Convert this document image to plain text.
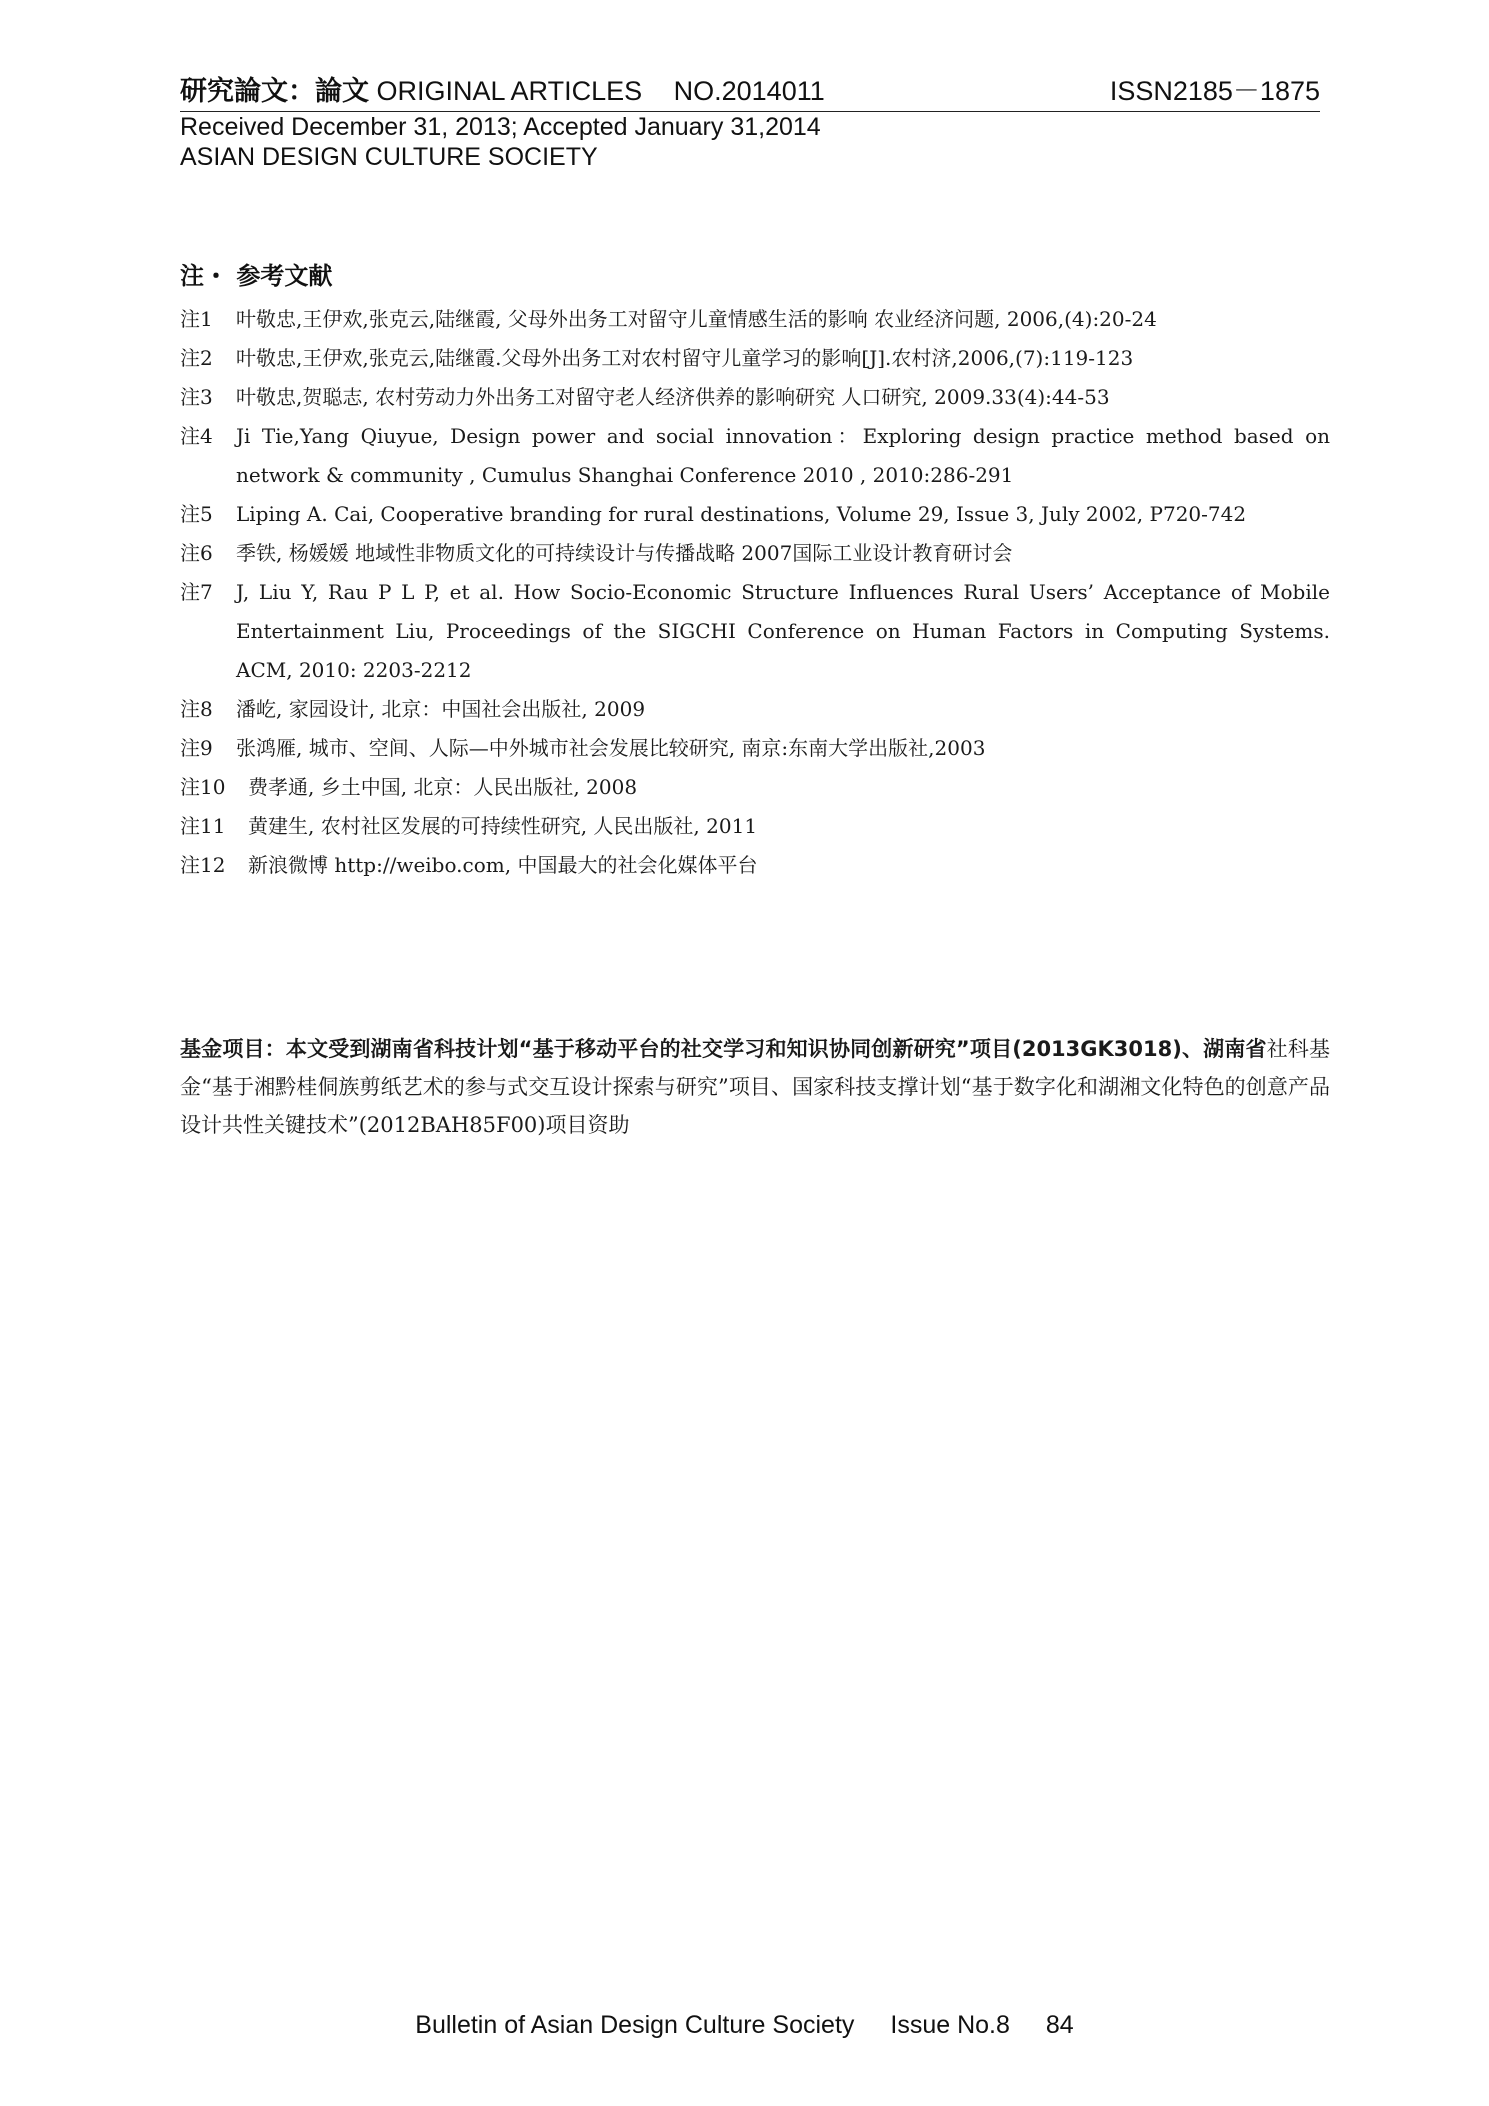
研究論文：論文 ORIGINAL ARTICLES NO.2014011	ISSN2185－1875
Received December 31, 2013; Accepted January 31,2014
ASIAN DESIGN CULTURE SOCIETY
注・ 参考文献
注1	叶敬忠,王伊欢,张克云,陆继霞, 父母外出务工对留守儿童情感生活的影响 农业经济问题, 2006,(4):20-24
注2	叶敬忠,王伊欢,张克云,陆继霞.父母外出务工对农村留守儿童学习的影响[J].农村济,2006,(7):119-123
注3	叶敬忠,贺聪志, 农村劳动力外出务工对留守老人经济供养的影响研究 人口研究, 2009.33(4):44-53
注4	Ji Tie,Yang Qiuyue, Design power and social innovation：Exploring design practice method based on network & community , Cumulus Shanghai Conference 2010 , 2010:286-291
注5	Liping A. Cai, Cooperative branding for rural destinations, Volume 29, Issue 3, July 2002, P720-742
注6	季铁, 杨媛媛 地域性非物质文化的可持续设计与传播战略 2007国际工业设计教育研讨会
注7	J, Liu Y, Rau P L P, et al. How Socio-Economic Structure Influences Rural Users’ Acceptance of Mobile Entertainment Liu, Proceedings of the SIGCHI Conference on Human Factors in Computing Systems. ACM, 2010: 2203-2212
注8	潘屹, 家园设计, 北京：中国社会出版社, 2009
注9	张鸿雁, 城市、空间、人际—中外城市社会发展比较研究, 南京:东南大学出版社,2003
注10	费孝通, 乡土中国, 北京：人民出版社, 2008
注11	黄建生, 农村社区发展的可持续性研究, 人民出版社, 2011
注12	新浪微博 http://weibo.com, 中国最大的社会化媒体平台
基金项目：本文受到湖南省科技计划“基于移动平台的社交学习和知识协同创新研究”项目(2013GK3018)、湖南省社科基金“基于湘黔桂侗族剪纸艺术的参与式交互设计探索与研究”项目、国家科技支撑计划“基于数字化和湖湘文化特色的创意产品设计共性关键技术”(2012BAH85F00)项目资助
Bulletin of Asian Design Culture Society Issue No.8 84
